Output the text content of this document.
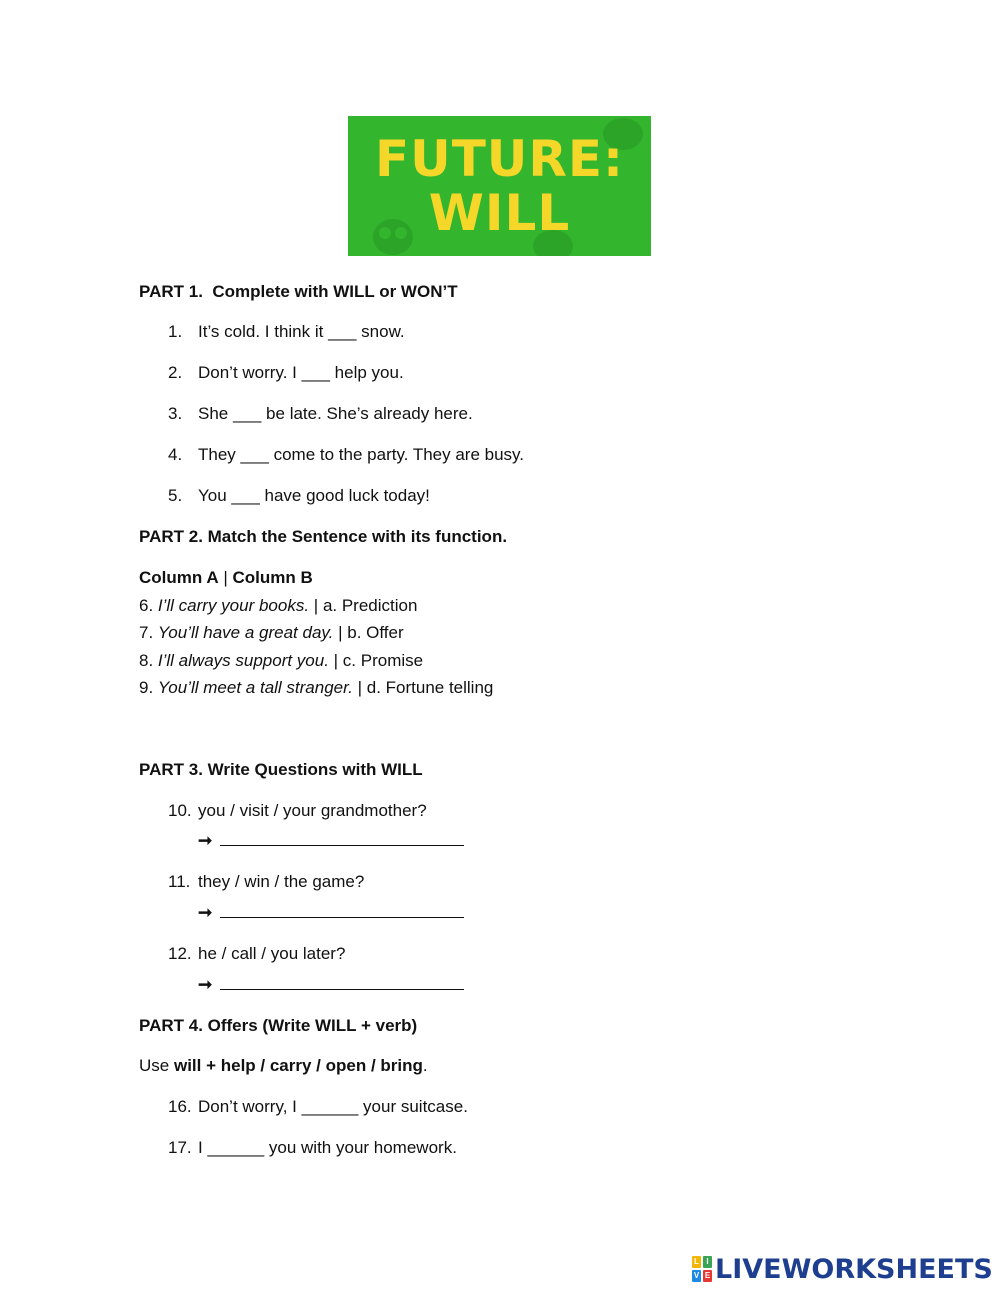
FUTURE:
WILL
PART 1.  Complete with WILL or WON’T
1. It’s cold. I think it ___ snow.
2. Don’t worry. I ___ help you.
3. She ___ be late. She’s already here.
4. They ___ come to the party. They are busy.
5. You ___ have good luck today!
PART 2. Match the Sentence with its function.
Column A | Column B
6. I’ll carry your books. | a. Prediction
7. You’ll have a great day. | b. Offer
8. I’ll always support you. | c. Promise
9. You’ll meet a tall stranger. | d. Fortune telling
PART 3. Write Questions with WILL
10. you / visit / your grandmother?
➞
11. they / win / the game?
➞
12. he / call / you later?
➞
PART 4. Offers (Write WILL + verb)
Use will + help / carry / open / bring.
16. Don’t worry, I ______ your suitcase.
17. I ______ you with your homework.
L I
V E LIVEWORKSHEETS
